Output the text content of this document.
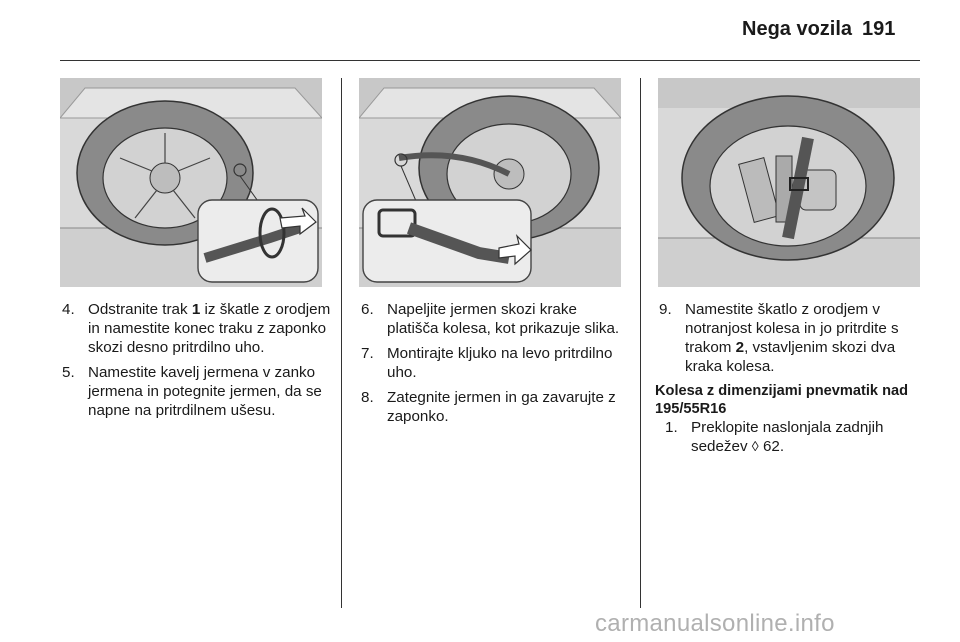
Nega vozila 191
4. Odstranite trak 1 iz škatle z orodjem in namestite konec traku z zaponko skozi desno pritrdilno uho.
5. Namestite kavelj jermena v zanko jermena in potegnite jermen, da se napne na pritrdilnem ušesu.
6. Napeljite jermen skozi krake platišča kolesa, kot prikazuje slika.
7. Montirajte kljuko na levo pritrdilno uho.
8. Zategnite jermen in ga zavarujte z zaponko.
9. Namestite škatlo z orodjem v notranjost kolesa in jo pritrdite s trakom 2, vstavljenim skozi dva kraka kolesa.
Kolesa z dimenzijami pnevmatik nad 195/55R16
1. Preklopite naslonjala zadnjih sedežev ◊ 62.
carmanualsonline.info
